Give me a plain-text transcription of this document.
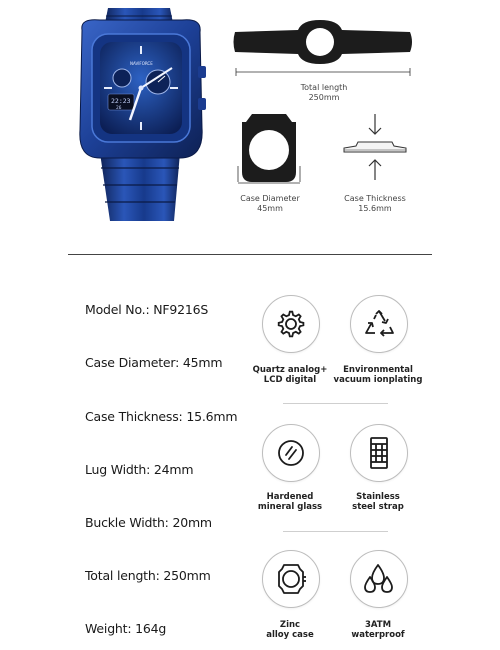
NAVIFORCE
22:23
26
Total length
250mm
Case Diameter
45mm
Case Thickness
15.6mm
Model No.: NF9216S
Case Diameter: 45mm
Case Thickness: 15.6mm
Lug Width: 24mm
Buckle Width: 20mm
Total length: 250mm
Weight: 164g
Quartz analog+
LCD digital
Environmental
vacuum ionplating
Hardened
mineral glass
Stainless
steel strap
Zinc
alloy case
3ATM
waterproof
